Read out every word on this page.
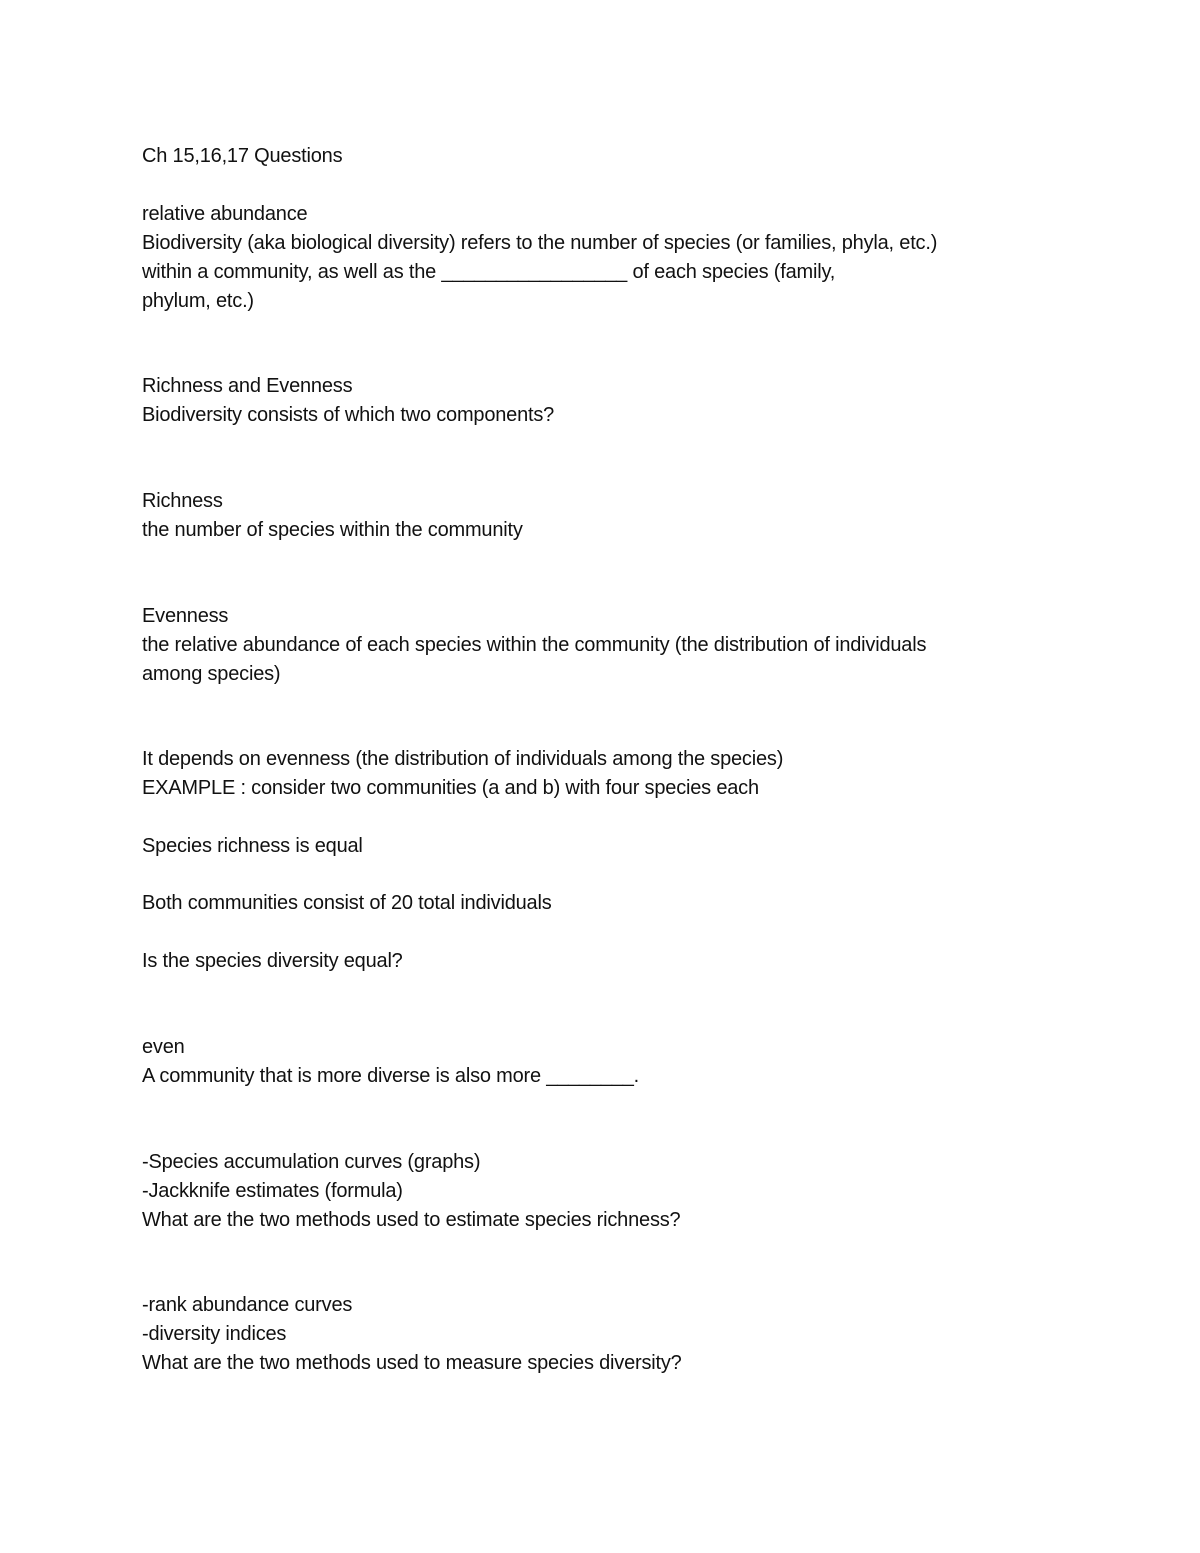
Ch 15,16,17 Questions
relative abundance
Biodiversity (aka biological diversity) refers to the number of species (or families, phyla, etc.)
within a community, as well as the _________________ of each species (family,
phylum, etc.)
Richness and Evenness
Biodiversity consists of which two components?
Richness
the number of species within the community
Evenness
the relative abundance of each species within the community (the distribution of individuals
among species)
It depends on evenness (the distribution of individuals among the species)
EXAMPLE : consider two communities (a and b) with four species each
Species richness is equal
Both communities consist of 20 total individuals
Is the species diversity equal?
even
A community that is more diverse is also more ________.
-Species accumulation curves (graphs)
-Jackknife estimates (formula)
What are the two methods used to estimate species richness?
-rank abundance curves
-diversity indices
What are the two methods used to measure species diversity?
